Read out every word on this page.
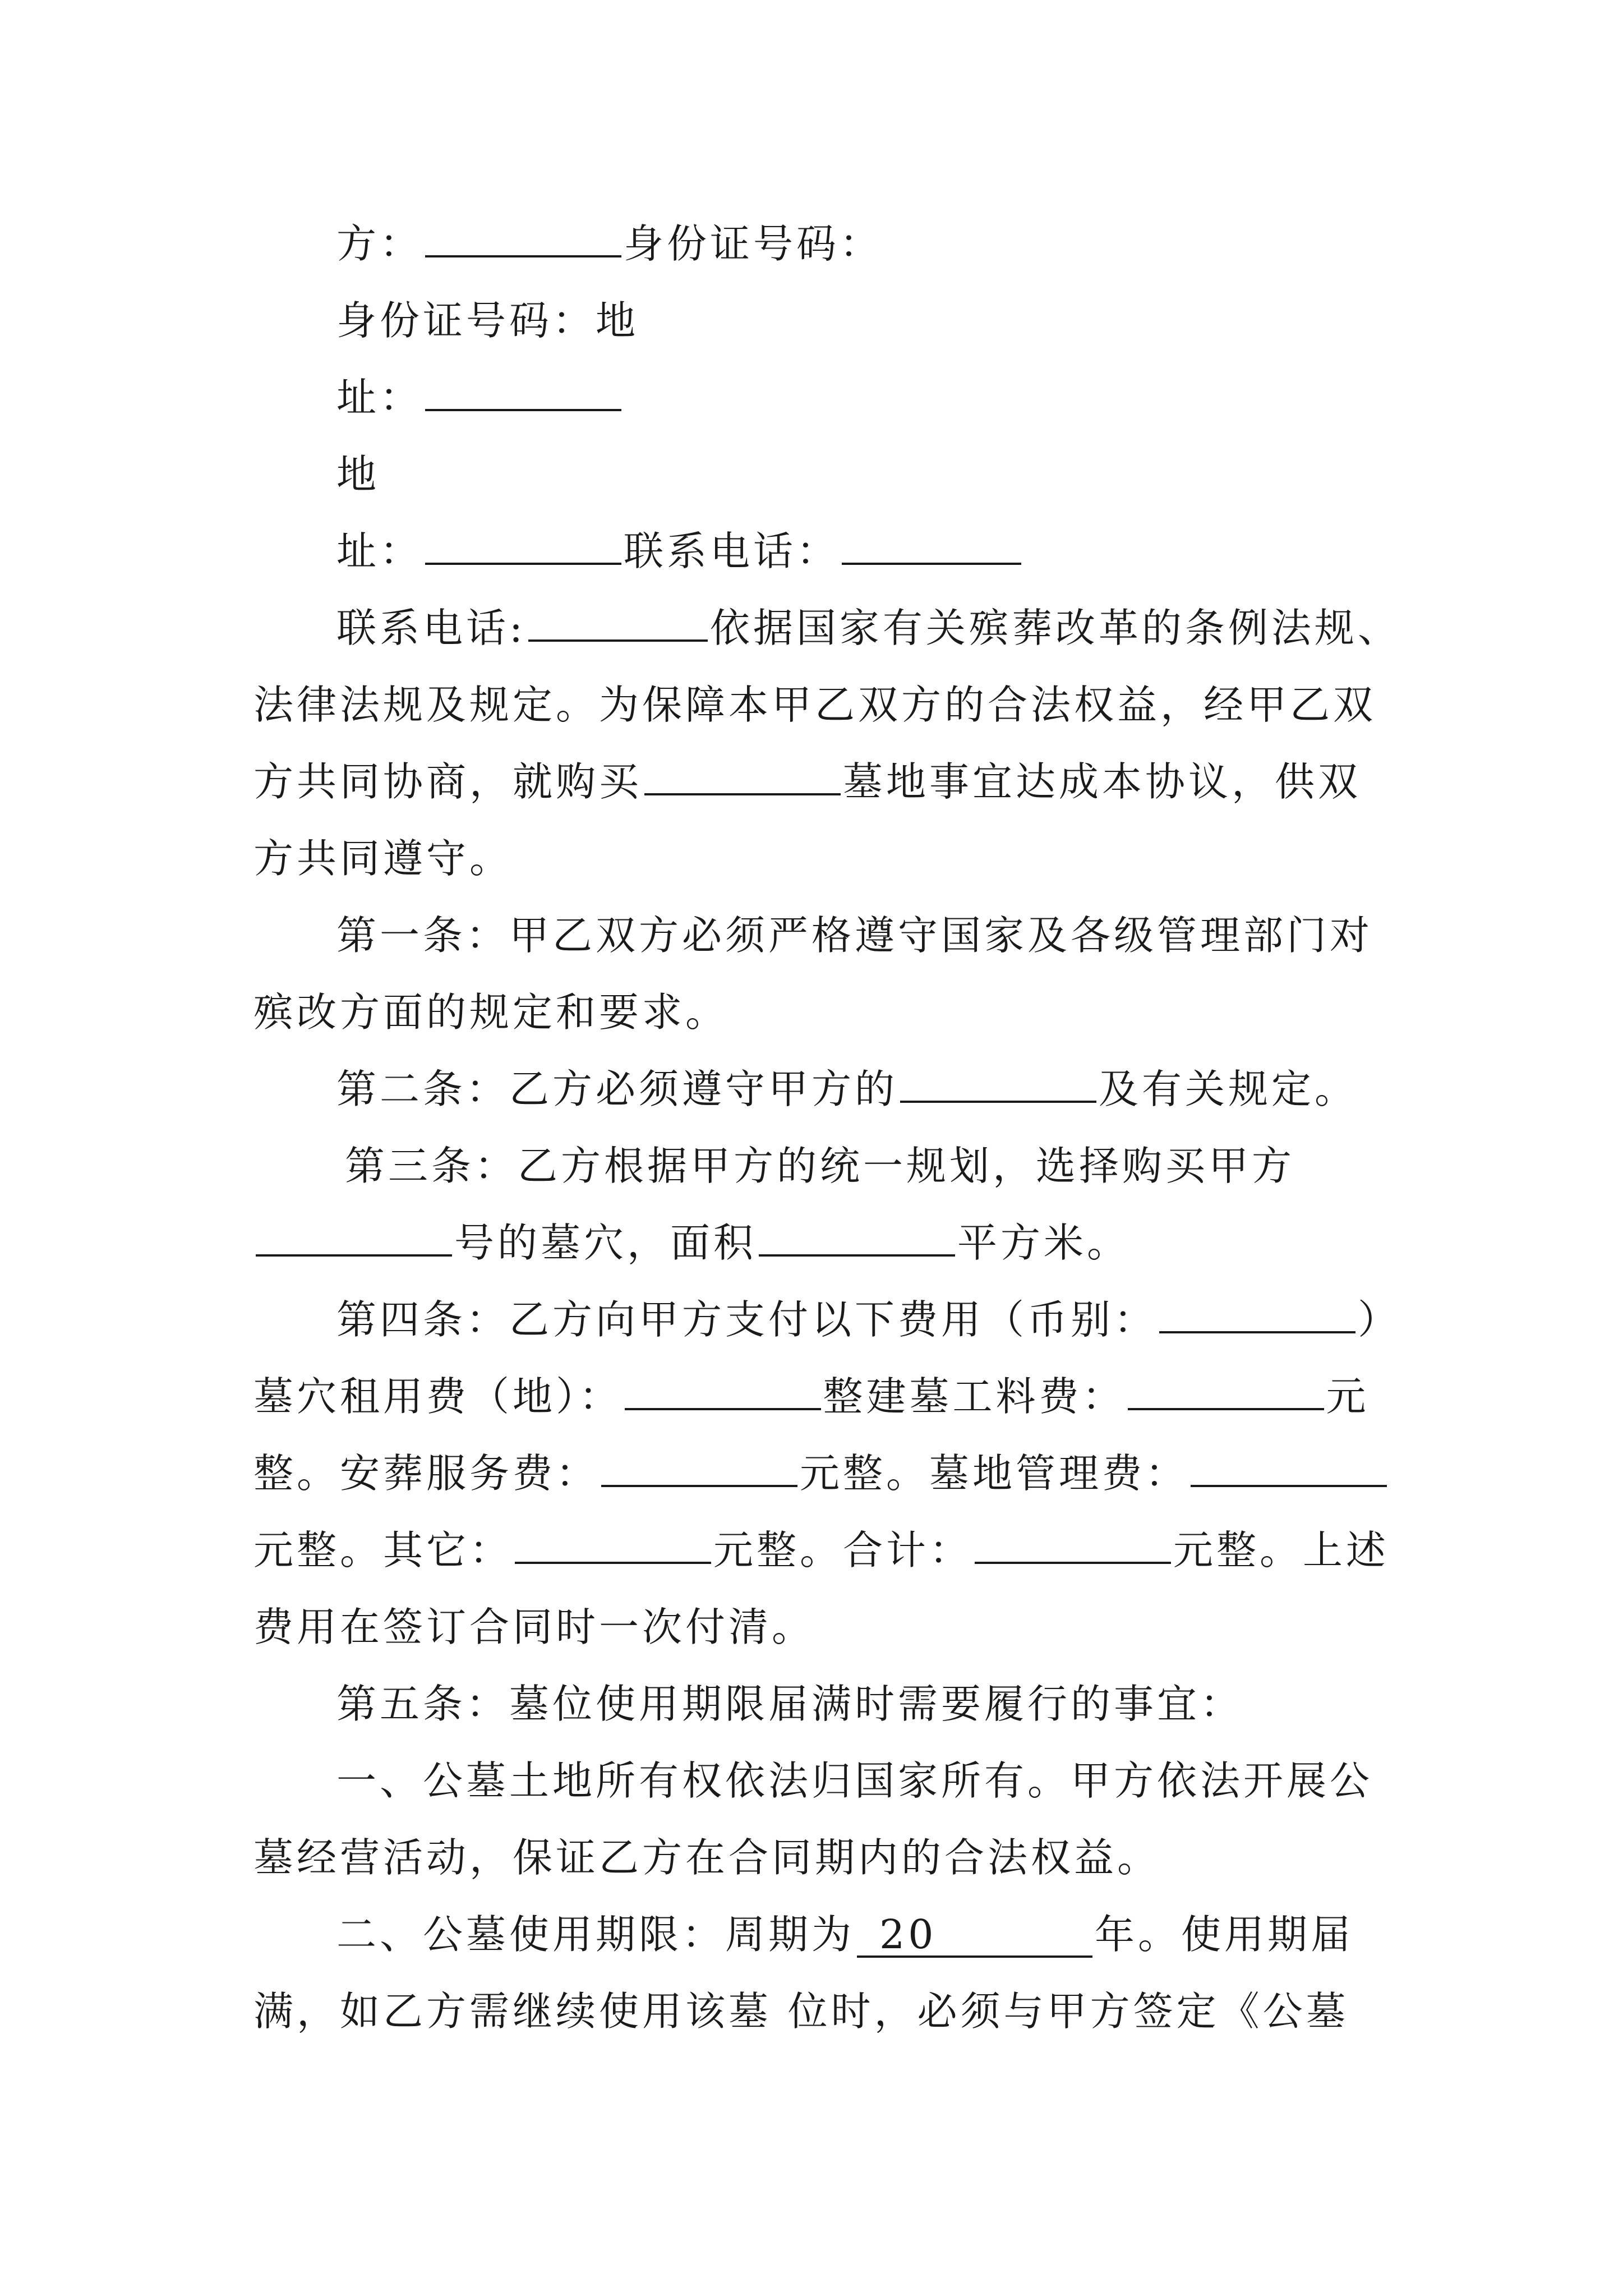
方：	身份证号码：
身份证号码：地
址：
地
址：	联系电话：
联系电话:	依据国家有关殡葬改革的条例法规、
法律法规及规定。为保障本甲乙双方的合法权益，经甲乙双
方共同协商，就购买	墓地事宜达成本协议，供双
方共同遵守。
第一条：甲乙双方必须严格遵守国家及各级管理部门对
殡改方面的规定和要求。
第二条：乙方必须遵守甲方的	及有关规定。
第三条：乙方根据甲方的统一规划，选择购买甲方
号的墓穴，面积	平方米。
第四条：乙方向甲方支付以下费用（币别：	）
墓穴租用费（地）：	整建墓工料费：	元
整。安葬服务费：	元整。墓地管理费：
元整。其它：	元整。合计：	元整。上述
费用在签订合同时一次付清。
第五条：墓位使用期限届满时需要履行的事宜：
一、公墓土地所有权依法归国家所有。甲方依法开展公
墓经营活动，保证乙方在合同期内的合法权益。
二、公墓使用期限：周期为 20	年。使用期届
满，如乙方需继续使用该墓 位时，必须与甲方签定《公墓
